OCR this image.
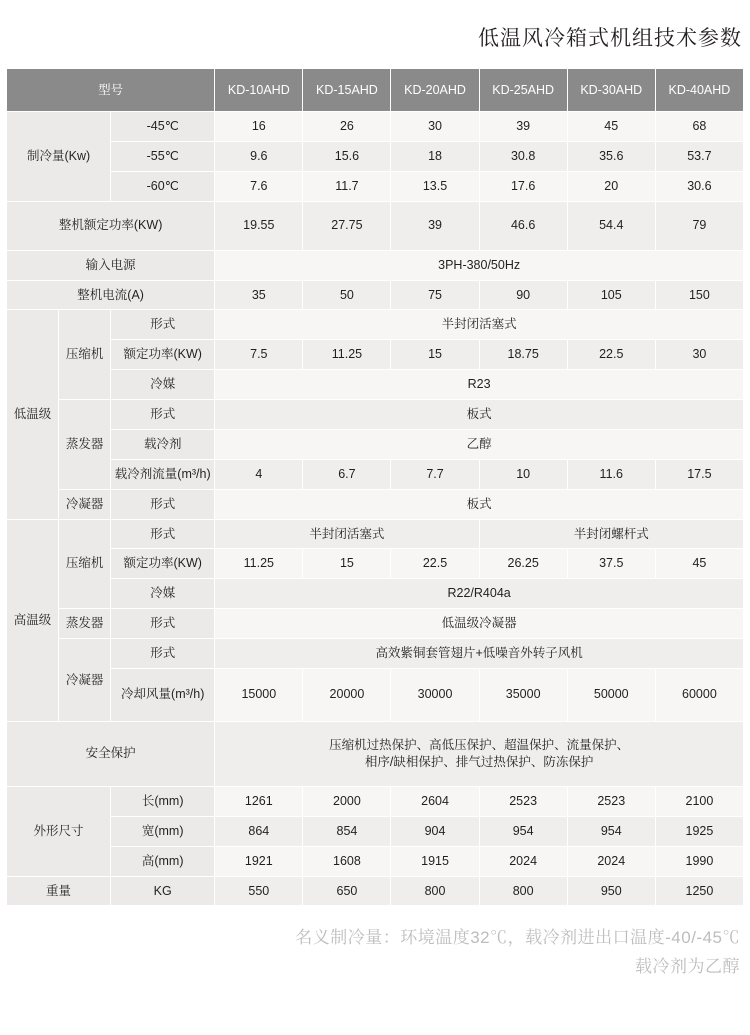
低温风冷箱式机组技术参数
型号			KD-10AHD	KD-15AHD	KD-20AHD	KD-25AHD	KD-30AHD	KD-40AHD
制冷量(Kw)		-45℃	16	26	30	39	45	68
		-55℃	9.6	15.6	18	30.8	35.6	53.7
		-60℃	7.6	11.7	13.5	17.6	20	30.6
整机额定功率(KW)			19.55	27.75	39	46.6	54.4	79
输入电源			3PH-380/50Hz					
整机电流(A)			35	50	75	90	105	150
低温级	压缩机	形式	半封闭活塞式					
		额定功率(KW)	7.5	11.25	15	18.75	22.5	30
		冷媒	R23					
	蒸发器	形式	板式					
		载冷剂	乙醇					
		载冷剂流量(m³/h)	4	6.7	7.7	10	11.6	17.5
	冷凝器	形式	板式					
高温级	压缩机	形式	半封闭活塞式			半封闭螺杆式		
		额定功率(KW)	11.25	15	22.5	26.25	37.5	45
		冷媒	R22/R404a					
	蒸发器	形式	低温级冷凝器					
	冷凝器	形式	高效紫铜套管翅片+低噪音外转子风机					
		冷却风量(m³/h)	15000	20000	30000	35000	50000	60000
安全保护			压缩机过热保护、高低压保护、超温保护、流量保护、
相序/缺相保护、排气过热保护、防冻保护					

外形尺寸		长(mm)	1261	2000	2604	2523	2523	2100
		宽(mm)	864	854	904	954	954	1925
		高(mm)	1921	1608	1915	2024	2024	1990
重量		KG	550	650	800	800	950	1250
名义制冷量：环境温度32℃，载冷剂进出口温度-40/-45℃
载冷剂为乙醇
